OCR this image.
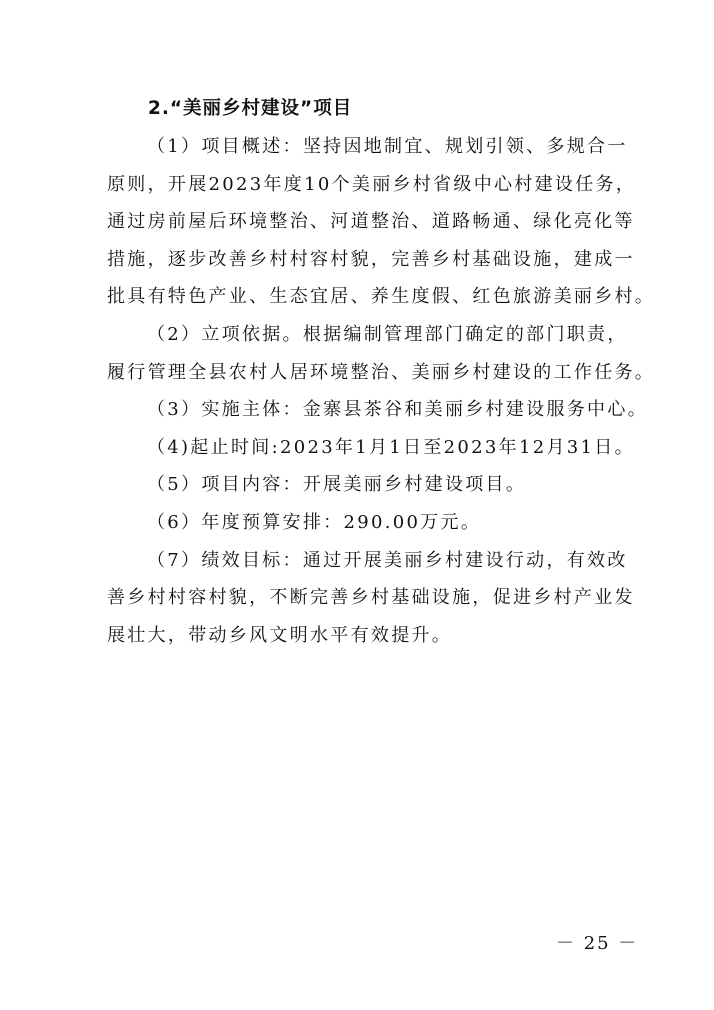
2.“美丽乡村建设”项目
（1）项目概述：坚持因地制宜、规划引领、多规合一
原则，开展2023年度10个美丽乡村省级中心村建设任务，
通过房前屋后环境整治、河道整治、道路畅通、绿化亮化等
措施，逐步改善乡村村容村貌，完善乡村基础设施，建成一
批具有特色产业、生态宜居、养生度假、红色旅游美丽乡村。
（2）立项依据。根据编制管理部门确定的部门职责，
履行管理全县农村人居环境整治、美丽乡村建设的工作任务。
（3）实施主体：金寨县茶谷和美丽乡村建设服务中心。
（4)起止时间:2023年1月1日至2023年12月31日。
（5）项目内容：开展美丽乡村建设项目。
（6）年度预算安排：290.00万元。
（7）绩效目标：通过开展美丽乡村建设行动，有效改
善乡村村容村貌，不断完善乡村基础设施，促进乡村产业发
展壮大，带动乡风文明水平有效提升。
－ 25 －
